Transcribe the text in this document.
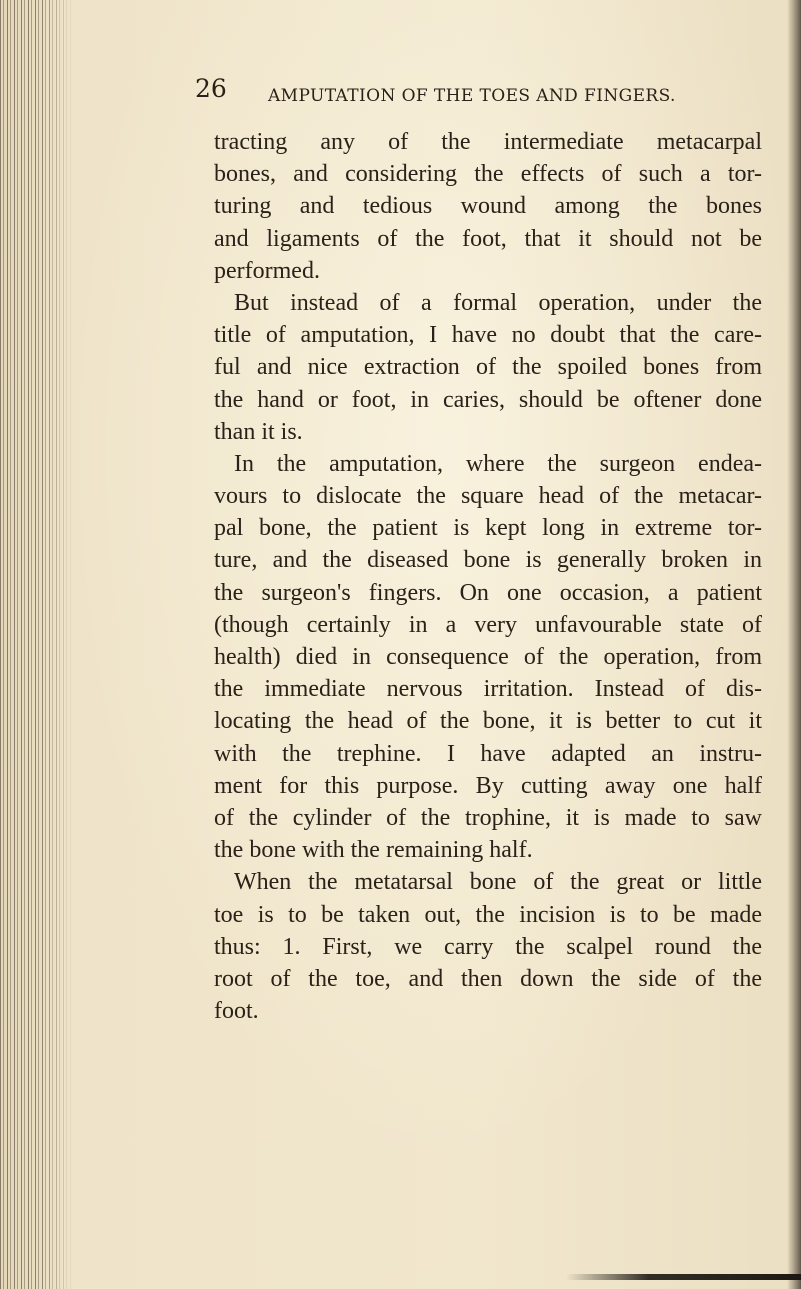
26 AMPUTATION OF THE TOES AND FINGERS.
tracting any of the intermediate metacarpal
bones, and considering the effects of such a tor-
turing and tedious wound among the bones
and ligaments of the foot, that it should not be
performed.
But instead of a formal operation, under the
title of amputation, I have no doubt that the care-
ful and nice extraction of the spoiled bones from
the hand or foot, in caries, should be oftener done
than it is.
In the amputation, where the surgeon endea-
vours to dislocate the square head of the metacar-
pal bone, the patient is kept long in extreme tor-
ture, and the diseased bone is generally broken in
the surgeon's fingers. On one occasion, a patient
(though certainly in a very unfavourable state of
health) died in consequence of the operation, from
the immediate nervous irritation. Instead of dis-
locating the head of the bone, it is better to cut it
with the trephine. I have adapted an instru-
ment for this purpose. By cutting away one half
of the cylinder of the trophine, it is made to saw
the bone with the remaining half.
When the metatarsal bone of the great or little
toe is to be taken out, the incision is to be made
thus: 1. First, we carry the scalpel round the
root of the toe, and then down the side of the
foot.
